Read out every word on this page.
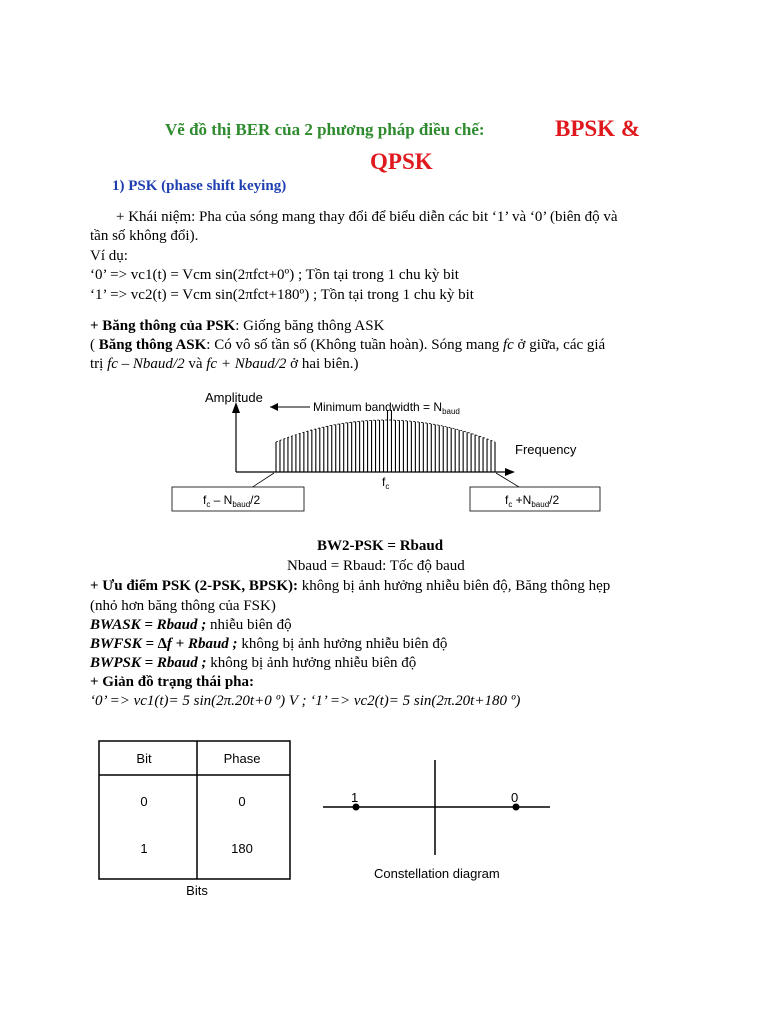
Vẽ đồ thị BER của 2 phương pháp điều chế:	BPSK &
QPSK
1) PSK (phase shift keying)
+ Khái niệm: Pha của sóng mang thay đổi để biểu diễn các bit ‘1’ và ‘0’ (biên độ và
tần số không đổi).
Ví dụ:
‘0’ => vc1(t) = Vcm sin(2πfct+0º) ; Tồn tại trong 1 chu kỳ bit
‘1’ => vc2(t) = Vcm sin(2πfct+180º) ; Tồn tại trong 1 chu kỳ bit
+ Băng thông của PSK: Giống băng thông ASK
( Băng thông ASK: Có vô số tần số (Không tuần hoàn). Sóng mang fc ở giữa, các giá
trị fc – Nbaud/2 và fc + Nbaud/2 ở hai biên.)
Amplitude
Frequency
Minimum bandwidth = $N_{baud}$
$f_c$
$f_c - N_{baud}/2$	$f_c +N_{baud}/2$
BW2-PSK = Rbaud
Nbaud = Rbaud: Tốc độ baud
+ Ưu điểm PSK (2-PSK, BPSK): không bị ảnh hưởng nhiễu biên độ, Băng thông hẹp
(nhỏ hơn băng thông của FSK)
BWASK = Rbaud ; nhiễu biên độ
BWFSK = ∆f + Rbaud ; không bị ảnh hưởng nhiễu biên độ
BWPSK = Rbaud ; không bị ảnh hưởng nhiễu biên độ
+ Giản đồ trạng thái pha:
‘0’ => vc1(t)= 5 sin(2π.20t+0 º) V ; ‘1’ => vc2(t)= 5 sin(2π.20t+180 º)
Bit	Phase
0	0
1	180
Bits
1	0
Constellation diagram
